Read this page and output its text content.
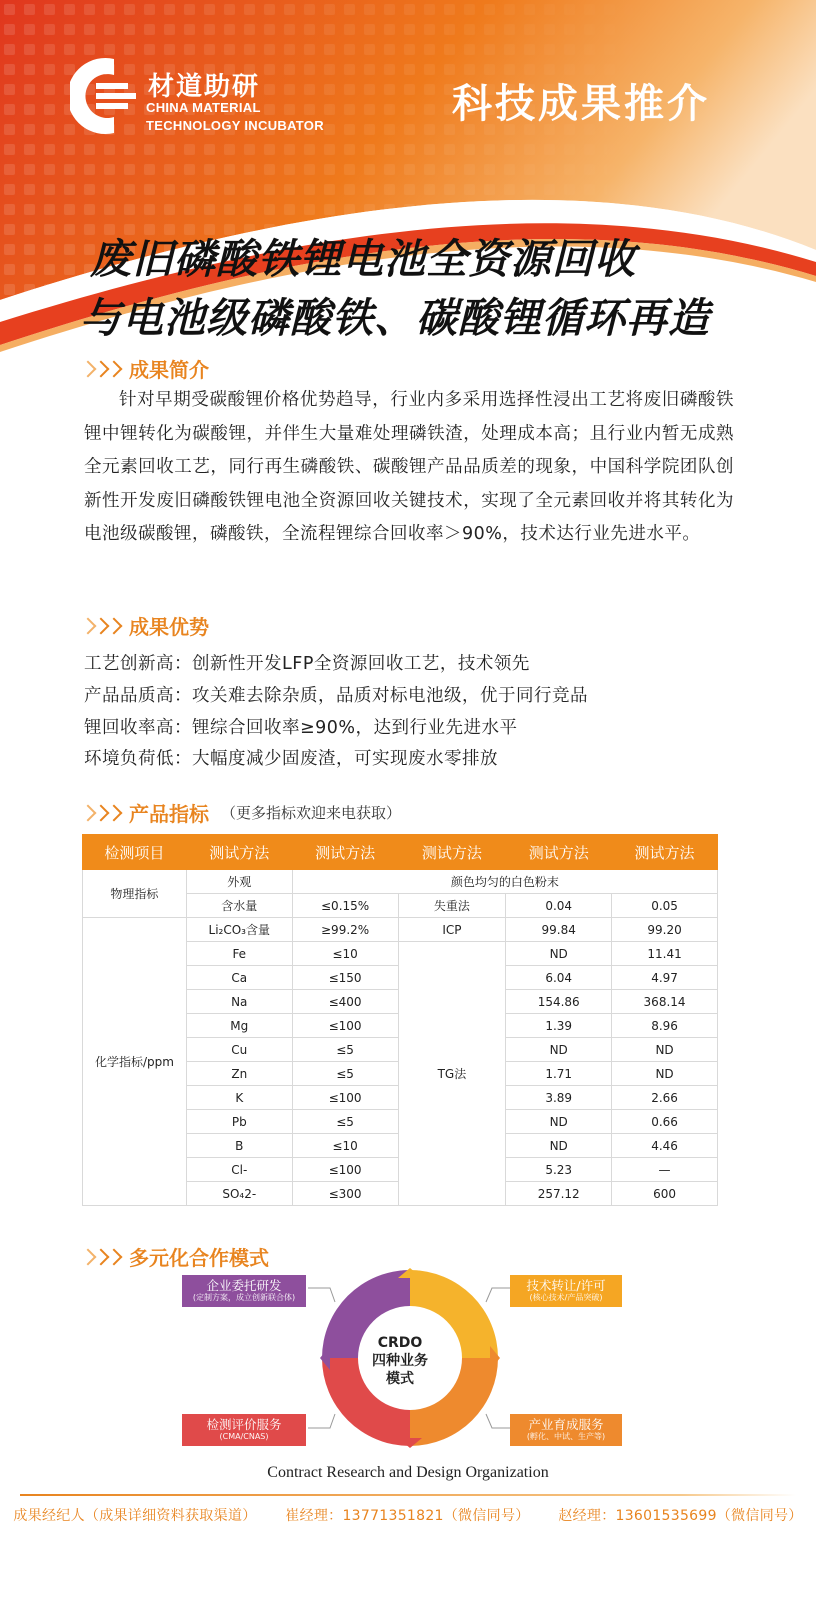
材道助研
CHINA MATERIAL
TECHNOLOGY INCUBATOR	科技成果推介
废旧磷酸铁锂电池全资源回收
与电池级磷酸铁、碳酸锂循环再造
成果简介
针对早期受碳酸锂价格优势趋导，行业内多采用选择性浸出工艺将废旧磷酸铁锂中锂转化为碳酸锂，并伴生大量难处理磷铁渣，处理成本高；且行业内暂无成熟全元素回收工艺，同行再生磷酸铁、碳酸锂产品品质差的现象，中国科学院团队创新性开发废旧磷酸铁锂电池全资源回收关键技术，实现了全元素回收并将其转化为电池级碳酸锂，磷酸铁，全流程锂综合回收率＞90%，技术达行业先进水平。
成果优势
工艺创新高：创新性开发LFP全资源回收工艺，技术领先
产品品质高：攻关难去除杂质，品质对标电池级，优于同行竞品
锂回收率高：锂综合回收率≥90%，达到行业先进水平
环境负荷低：大幅度减少固废渣，可实现废水零排放
产品指标 （更多指标欢迎来电获取）
检测项目	测试方法	测试方法	测试方法	测试方法	测试方法
物理指标	外观	颜色均匀的白色粉末			
	含水量	≤0.15%	失重法	0.04	0.05
化学指标/ppm	Li₂CO₃含量	≥99.2%	ICP	99.84	99.20
	Fe	≤10	TG法	ND	11.41
	Ca	≤150		6.04	4.97
	Na	≤400		154.86	368.14
	Mg	≤100		1.39	8.96
	Cu	≤5		ND	ND
	Zn	≤5		1.71	ND
	K	≤100		3.89	2.66
	Pb	≤5		ND	0.66
	B	≤10		ND	4.46
	Cl-	≤100		5.23	—
	SO₄2-	≤300		257.12	600
多元化合作模式
CRDO
四种业务
模式
企业委托研发
(定制方案，成立创新联合体)
技术转让/许可
(核心技术/产品突破)
检测评价服务
(CMA/CNAS)
产业育成服务
(孵化、中试、生产等)
Contract Research and Design Organization
成果经纪人（成果详细资料获取渠道） 崔经理：13771351821（微信同号） 赵经理：13601535699（微信同号）
